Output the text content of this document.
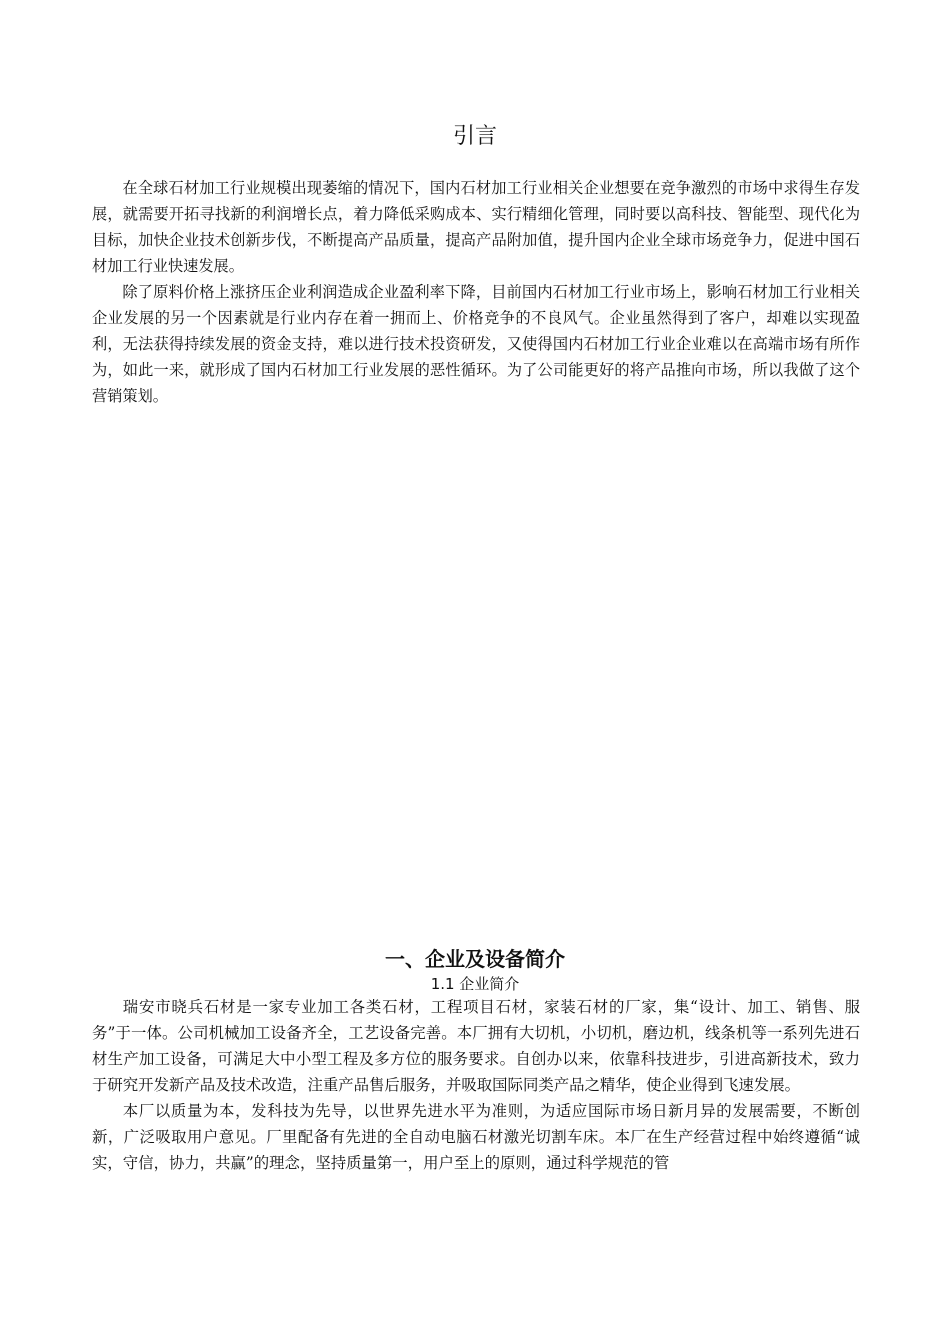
引言

在全球石材加工行业规模出现萎缩的情况下，国内石材加工行业相关企业想要在竞争激烈的市场中求得生存发展，就需要开拓寻找新的利润增长点，着力降低采购成本、实行精细化管理，同时要以高科技、智能型、现代化为目标，加快企业技术创新步伐，不断提高产品质量，提高产品附加值，提升国内企业全球市场竞争力，促进中国石材加工行业快速发展。

除了原料价格上涨挤压企业利润造成企业盈利率下降，目前国内石材加工行业市场上，影响石材加工行业相关企业发展的另一个因素就是行业内存在着一拥而上、价格竞争的不良风气。企业虽然得到了客户，却难以实现盈利，无法获得持续发展的资金支持，难以进行技术投资研发，又使得国内石材加工行业企业难以在高端市场有所作为，如此一来，就形成了国内石材加工行业发展的恶性循环。为了公司能更好的将产品推向市场，所以我做了这个营销策划。

一、企业及设备简介
1.1 企业简介

瑞安市晓兵石材是一家专业加工各类石材，工程项目石材，家装石材的厂家，集“设计、加工、销售、服务”于一体。公司机械加工设备齐全，工艺设备完善。本厂拥有大切机，小切机，磨边机，线条机等一系列先进石材生产加工设备，可满足大中小型工程及多方位的服务要求。自创办以来，依靠科技进步，引进高新技术，致力于研究开发新产品及技术改造，注重产品售后服务，并吸取国际同类产品之精华，使企业得到飞速发展。

本厂以质量为本，发科技为先导，以世界先进水平为准则，为适应国际市场日新月异的发展需要，不断创新，广泛吸取用户意见。厂里配备有先进的全自动电脑石材激光切割车床。本厂在生产经营过程中始终遵循“诚实，守信，协力，共赢”的理念，坚持质量第一，用户至上的原则，通过科学规范的管
